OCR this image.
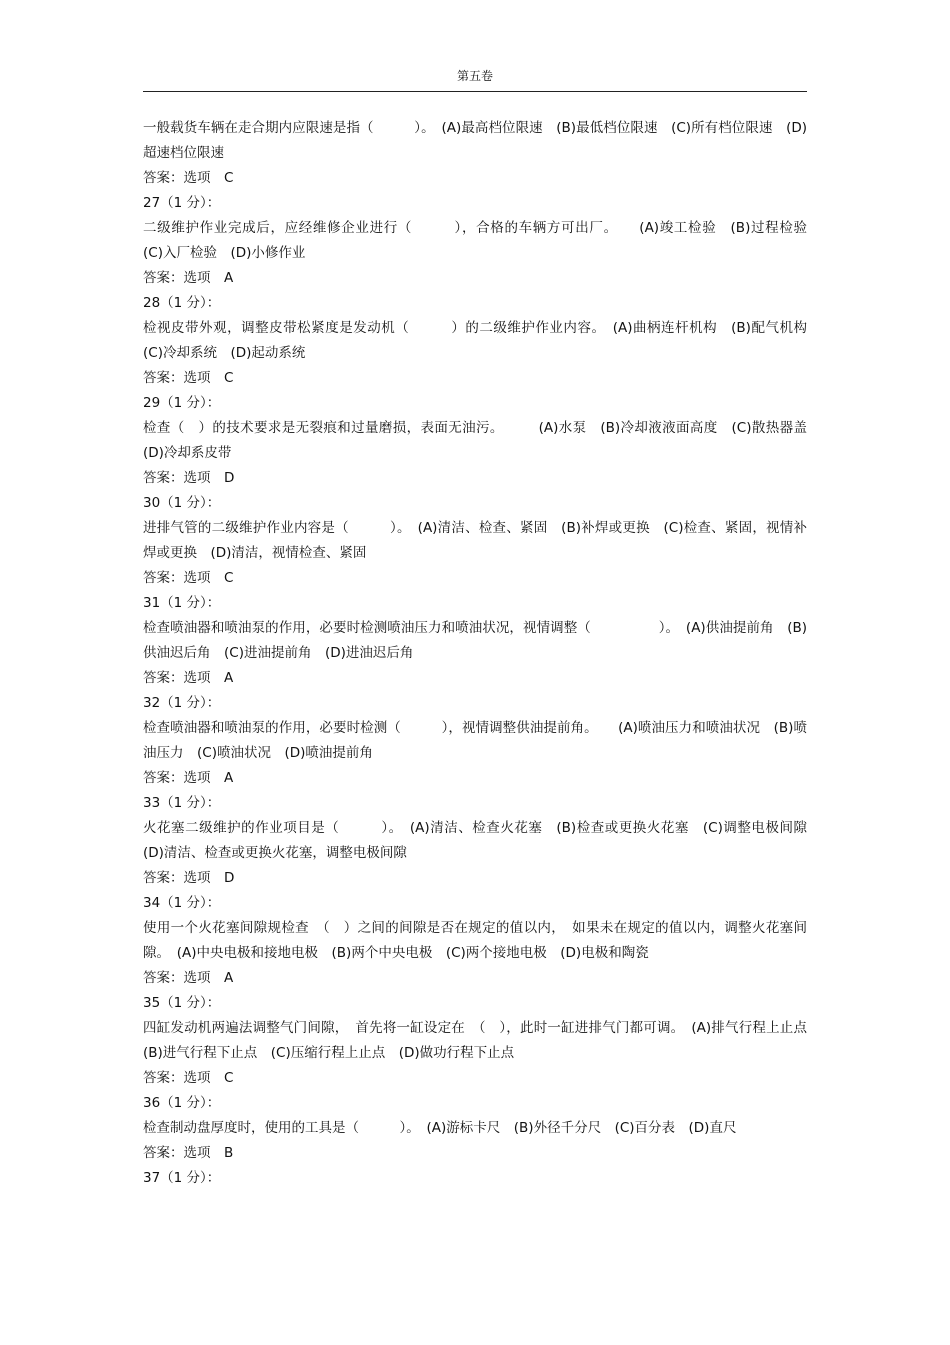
第五卷
一般载货车辆在走合期内应限速是指（　　　）。　(A)最高档位限速　(B)最低档位限速　(C)所有档位限速　(D)超速档位限速
答案：选项　C
27（1 分）：
二级维护作业完成后，应经维修企业进行（　　　），合格的车辆方可出厂。　　(A)竣工检验　(B)过程检验　(C)入厂检验　(D)小修作业
答案：选项　A
28（1 分）：
检视皮带外观，调整皮带松紧度是发动机（　　　）的二级维护作业内容。　(A)曲柄连杆机构　(B)配气机构　(C)冷却系统　(D)起动系统
答案：选项　C
29（1 分）：
检查（　）的技术要求是无裂痕和过量磨损，表面无油污。　　　(A)水泵　(B)冷却液液面高度　(C)散热器盖　(D)冷却系皮带
答案：选项　D
30（1 分）：
进排气管的二级维护作业内容是（　　　）。　(A)清洁、检查、紧固　(B)补焊或更换　(C)检查、紧固，视情补焊或更换　(D)清洁，视情检查、紧固
答案：选项　C
31（1 分）：
检查喷油器和喷油泵的作用，必要时检测喷油压力和喷油状况，视情调整（　　　　　）。　(A)供油提前角　(B)供油迟后角　(C)进油提前角　(D)进油迟后角
答案：选项　A
32（1 分）：
检查喷油器和喷油泵的作用，必要时检测（　　　），视情调整供油提前角。　　(A)喷油压力和喷油状况　(B)喷油压力　(C)喷油状况　(D)喷油提前角
答案：选项　A
33（1 分）：
火花塞二级维护的作业项目是（　　　）。　(A)清洁、检查火花塞　(B)检查或更换火花塞　(C)调整电极间隙　(D)清洁、检查或更换火花塞，调整电极间隙
答案：选项　D
34（1 分）：
使用一个火花塞间隙规检查　（　）之间的间隙是否在规定的值以内，　如果未在规定的值以内，调整火花塞间隙。　(A)中央电极和接地电极　(B)两个中央电极　(C)两个接地电极　(D)电极和陶瓷
答案：选项　A
35（1 分）：
四缸发动机两遍法调整气门间隙，　首先将一缸设定在　（　），此时一缸进排气门都可调。　(A)排气行程上止点　(B)进气行程下止点　(C)压缩行程上止点　(D)做功行程下止点
答案：选项　C
36（1 分）：
检查制动盘厚度时，使用的工具是（　　　）。　(A)游标卡尺　(B)外径千分尺　(C)百分表　(D)直尺
答案：选项　B
37（1 分）：
